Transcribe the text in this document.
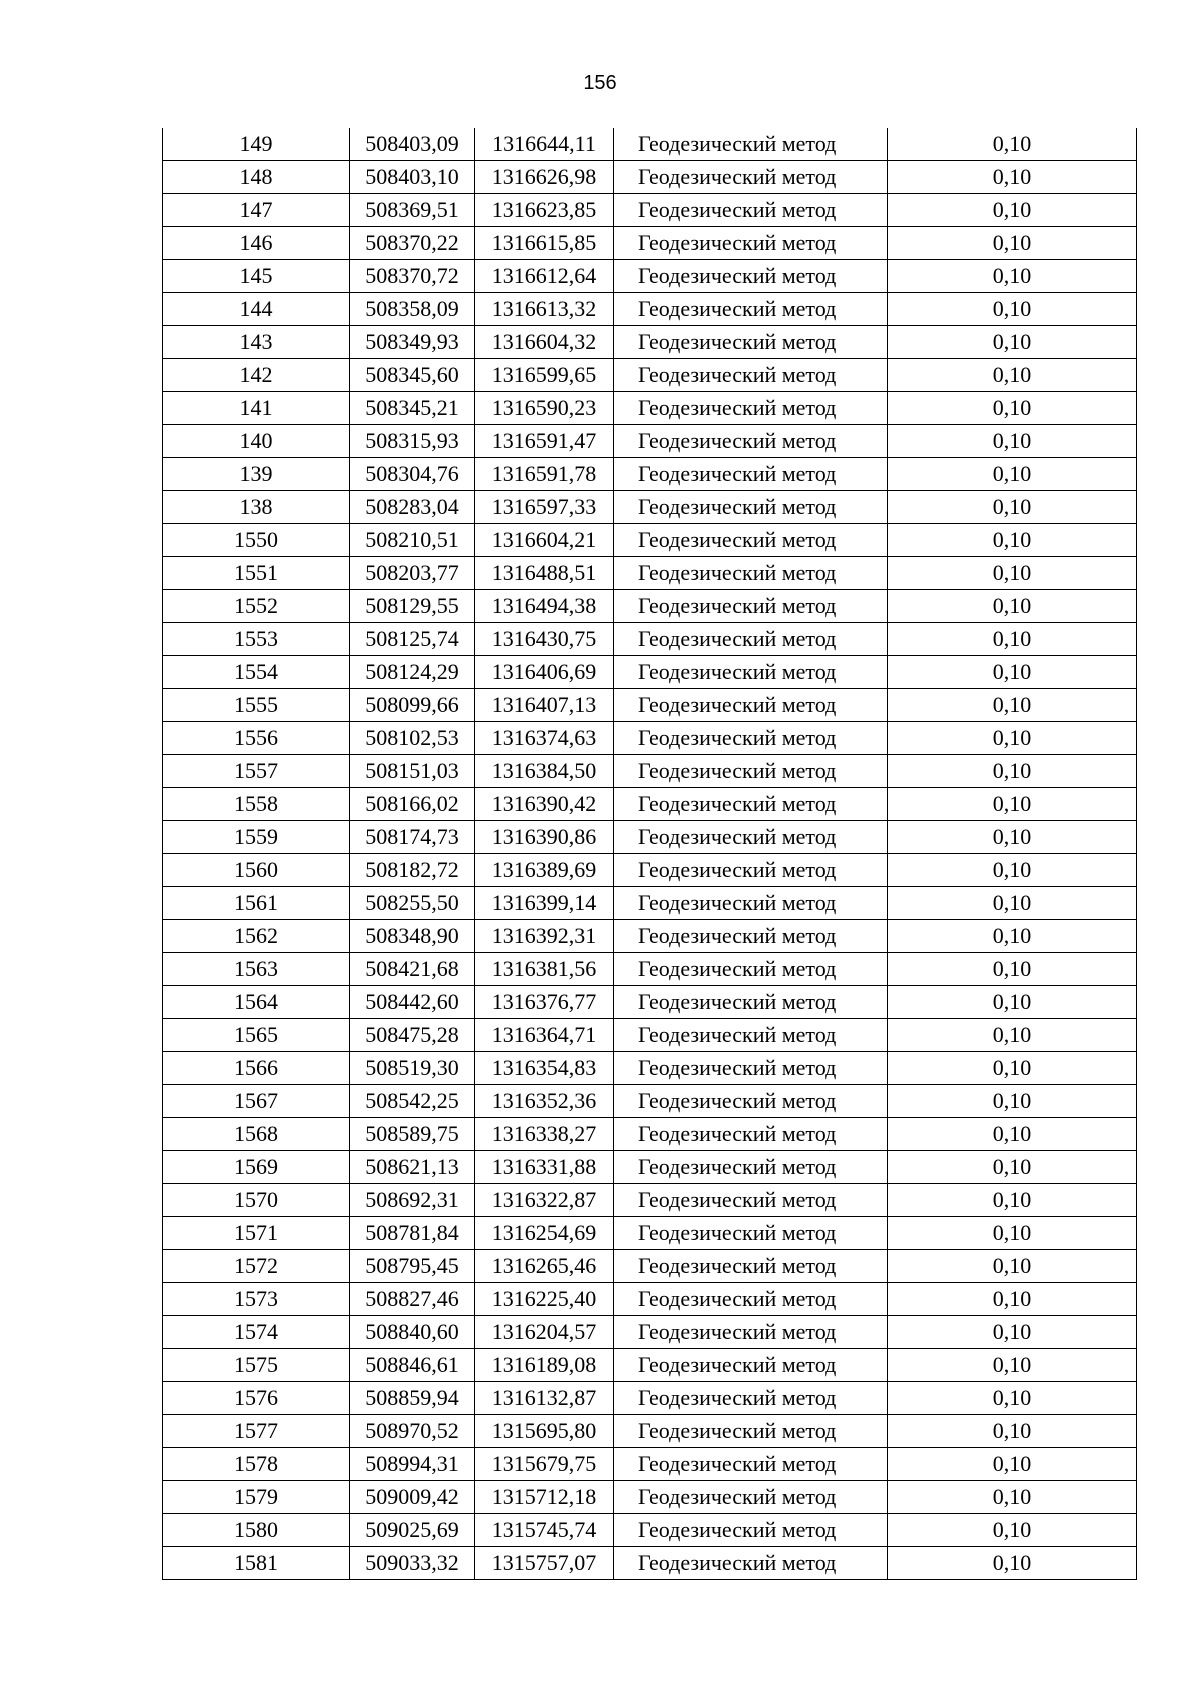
156
149	508403,09	1316644,11	Геодезический метод	0,10
148	508403,10	1316626,98	Геодезический метод	0,10
147	508369,51	1316623,85	Геодезический метод	0,10
146	508370,22	1316615,85	Геодезический метод	0,10
145	508370,72	1316612,64	Геодезический метод	0,10
144	508358,09	1316613,32	Геодезический метод	0,10
143	508349,93	1316604,32	Геодезический метод	0,10
142	508345,60	1316599,65	Геодезический метод	0,10
141	508345,21	1316590,23	Геодезический метод	0,10
140	508315,93	1316591,47	Геодезический метод	0,10
139	508304,76	1316591,78	Геодезический метод	0,10
138	508283,04	1316597,33	Геодезический метод	0,10
1550	508210,51	1316604,21	Геодезический метод	0,10
1551	508203,77	1316488,51	Геодезический метод	0,10
1552	508129,55	1316494,38	Геодезический метод	0,10
1553	508125,74	1316430,75	Геодезический метод	0,10
1554	508124,29	1316406,69	Геодезический метод	0,10
1555	508099,66	1316407,13	Геодезический метод	0,10
1556	508102,53	1316374,63	Геодезический метод	0,10
1557	508151,03	1316384,50	Геодезический метод	0,10
1558	508166,02	1316390,42	Геодезический метод	0,10
1559	508174,73	1316390,86	Геодезический метод	0,10
1560	508182,72	1316389,69	Геодезический метод	0,10
1561	508255,50	1316399,14	Геодезический метод	0,10
1562	508348,90	1316392,31	Геодезический метод	0,10
1563	508421,68	1316381,56	Геодезический метод	0,10
1564	508442,60	1316376,77	Геодезический метод	0,10
1565	508475,28	1316364,71	Геодезический метод	0,10
1566	508519,30	1316354,83	Геодезический метод	0,10
1567	508542,25	1316352,36	Геодезический метод	0,10
1568	508589,75	1316338,27	Геодезический метод	0,10
1569	508621,13	1316331,88	Геодезический метод	0,10
1570	508692,31	1316322,87	Геодезический метод	0,10
1571	508781,84	1316254,69	Геодезический метод	0,10
1572	508795,45	1316265,46	Геодезический метод	0,10
1573	508827,46	1316225,40	Геодезический метод	0,10
1574	508840,60	1316204,57	Геодезический метод	0,10
1575	508846,61	1316189,08	Геодезический метод	0,10
1576	508859,94	1316132,87	Геодезический метод	0,10
1577	508970,52	1315695,80	Геодезический метод	0,10
1578	508994,31	1315679,75	Геодезический метод	0,10
1579	509009,42	1315712,18	Геодезический метод	0,10
1580	509025,69	1315745,74	Геодезический метод	0,10
1581	509033,32	1315757,07	Геодезический метод	0,10
